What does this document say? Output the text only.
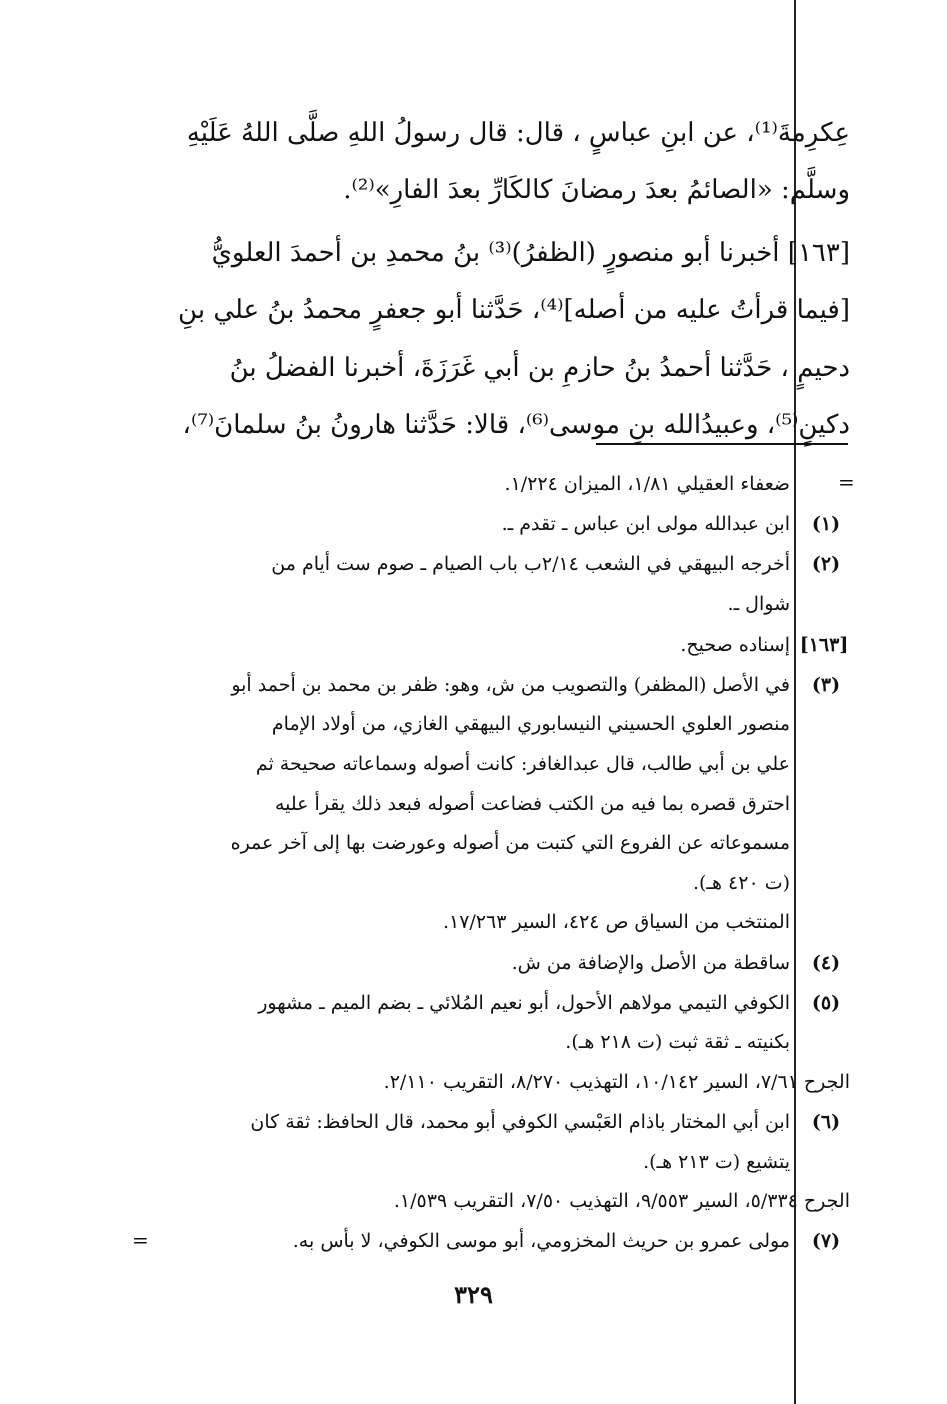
عِكرِمةَ⁽¹⁾، عن ابنِ عباسٍ ، قال: قال رسولُ اللهِ صلَّى اللهُ عَلَيْهِ
وسلَّم: «الصائمُ بعدَ رمضانَ كالكَارِّ بعدَ الفارِ»⁽²⁾.
[١٦٣] أخبرنا أبو منصورٍ (الظفرُ)⁽³⁾ بنُ محمدِ بن أحمدَ العلويُّ
[فيما قرأتُ عليه من أصله]⁽⁴⁾، حَدَّثنا أبو جعفرٍ محمدُ بنُ علي بنِ
دحيمٍ ، حَدَّثنا أحمدُ بنُ حازمِ بن أبي غَرَزَةَ، أخبرنا الفضلُ بنُ
دكينٍ⁽⁵⁾، وعبيدُالله بنِ موسى⁽⁶⁾، قالا: حَدَّثنا هارونُ بنُ سلمانَ⁽⁷⁾،
ضعفاء العقيلي ١/٨١، الميزان ١/٢٢٤.
(١)
ابن عبدالله مولى ابن عباس ـ تقدم ـ.
(٢)
أخرجه البيهقي في الشعب ٢/١٤ب باب الصيام ـ صوم ست أيام من
شوال ـ.
[١٦٣]
إسناده صحيح.
(٣)
في الأصل (المظفر) والتصويب من ش، وهو: ظفر بن محمد بن أحمد أبو
منصور العلوي الحسيني النيسابوري البيهقي الغازي، من أولاد الإمام
علي بن أبي طالب، قال عبدالغافر: كانت أصوله وسماعاته صحيحة ثم
احترق قصره بما فيه من الكتب فضاعت أصوله فبعد ذلك يقرأ عليه
مسموعاته عن الفروع التي كتبت من أصوله وعورضت بها إلى آخر عمره
(ت ٤٢٠ هـ).
المنتخب من السياق ص ٤٢٤، السير ١٧/٢٦٣.
(٤)
ساقطة من الأصل والإضافة من ش.
(٥)
الكوفي التيمي مولاهم الأحول، أبو نعيم المُلائي ـ بضم الميم ـ مشهور
بكنيته ـ ثقة ثبت (ت ٢١٨ هـ).
الجرح ٧/٦١، السير ١٠/١٤٢، التهذيب ٨/٢٧٠، التقريب ٢/١١٠.
(٦)
ابن أبي المختار باذام العَبْسي الكوفي أبو محمد، قال الحافظ: ثقة كان
يتشيع (ت ٢١٣ هـ).
الجرح ٥/٣٣٤، السير ٩/٥٥٣، التهذيب ٧/٥٠، التقريب ١/٥٣٩.
(٧)
مولى عمرو بن حريث المخزومي، أبو موسى الكوفي، لا بأس به.
=
=
٣٢٩
